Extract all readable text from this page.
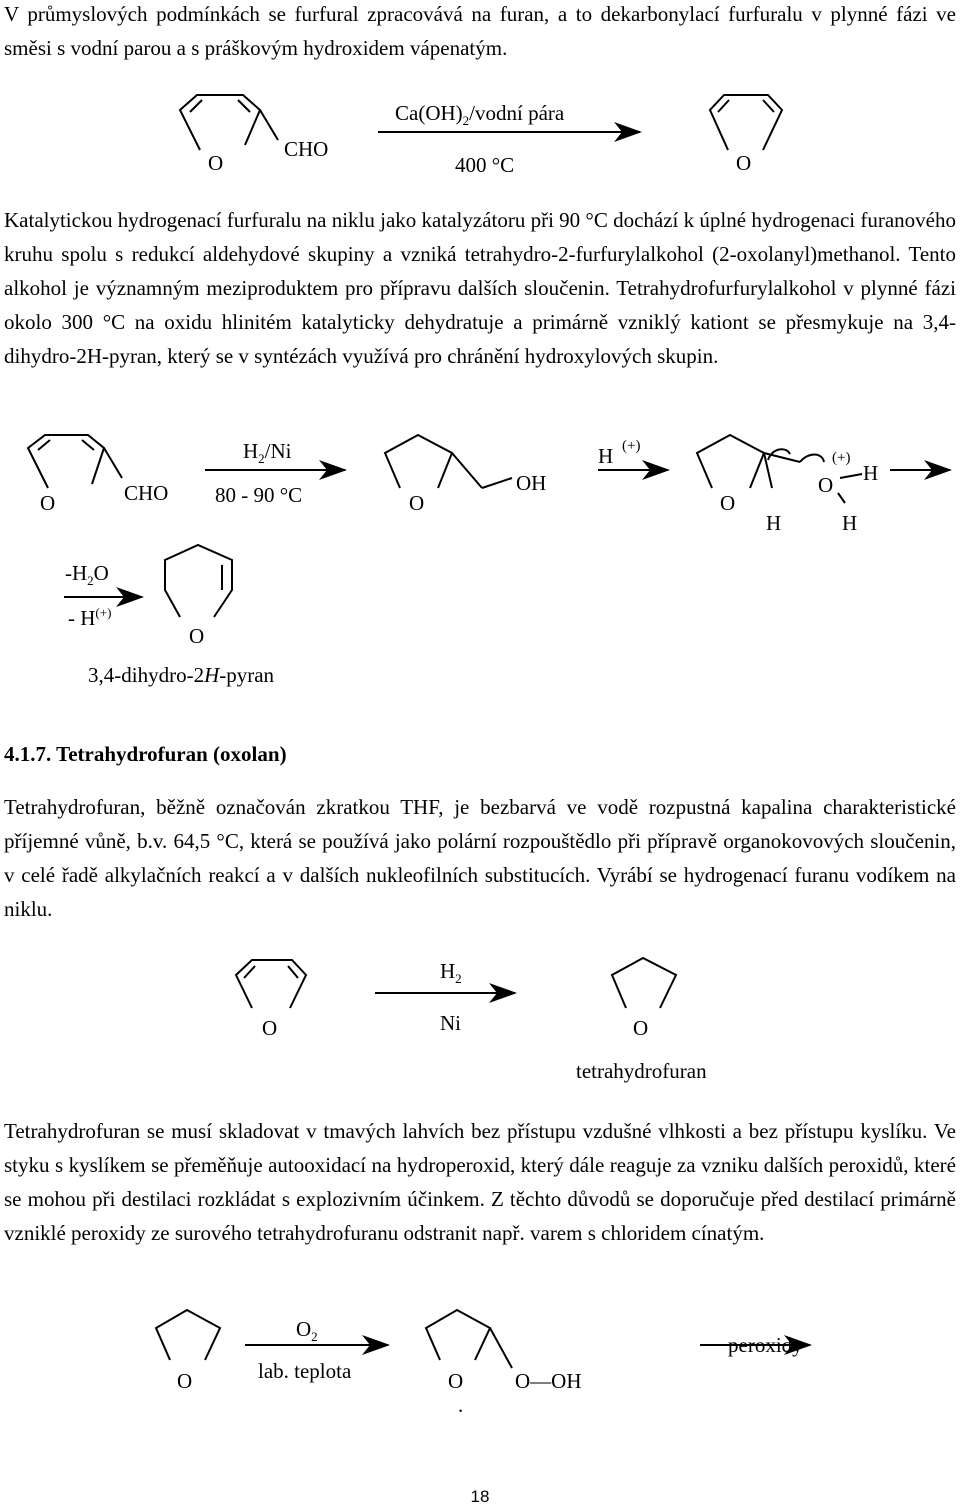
V průmyslových podmínkách se furfural zpracovává na furan, a to dekarbonylací furfuralu v plynné fázi ve směsi s vodní parou a s práškovým hydroxidem vápenatým.

Katalytickou hydrogenací furfuralu na niklu jako katalyzátoru při 90 °C dochází k úplné hydrogenaci furanového kruhu spolu s redukcí aldehydové skupiny a vzniká tetrahydro-2-furfurylalkohol (2-oxolanyl)methanol. Tento alkohol je významným meziproduktem pro přípravu dalších sloučenin. Tetrahydrofurfurylalkohol v plynné fázi okolo 300 °C na oxidu hlinitém katalyticky dehydratuje a primárně vzniklý kationt se přesmykuje na 3,4-dihydro-2H-pyran, který se v syntézách využívá pro chránění hydroxylových skupin.

4.1.7. Tetrahydrofuran (oxolan)

Tetrahydrofuran, běžně označován zkratkou THF, je bezbarvá ve vodě rozpustná kapalina charakteristické příjemné vůně, b.v. 64,5 °C, která se používá jako polární rozpouštědlo při přípravě organokovových sloučenin, v celé řadě alkylačních reakcí a v dalších nukleofilních substitucích. Vyrábí se hydrogenací furanu vodíkem na niklu.

Tetrahydrofuran se musí skladovat v tmavých lahvích bez přístupu vzdušné vlhkosti a bez přístupu kyslíku. Ve styku s kyslíkem se přeměňuje autooxidací na hydroperoxid, který dále reaguje za vzniku dalších peroxidů, které se mohou při destilaci rozkládat s explozivním účinkem. Z těchto důvodů se doporučuje před destilací primárně vzniklé peroxidy ze surového tetrahydrofuranu odstranit např. varem s chloridem cínatým.

O
CHO
$Ca(OH)_2$/vodní pára
400 °C	O
O	CHO
$H_2/Ni$
80 - 90 °C	O
OH
H (+)
O
H
(+)
O H
H
$-H_2O$
- H(+)
O
3,4-dihydro-2H-pyran
O
$H_2$
Ni	O
tetrahydrofuran
O
$O_2$
lab. teplota	O O—OH
.
peroxidy
18
